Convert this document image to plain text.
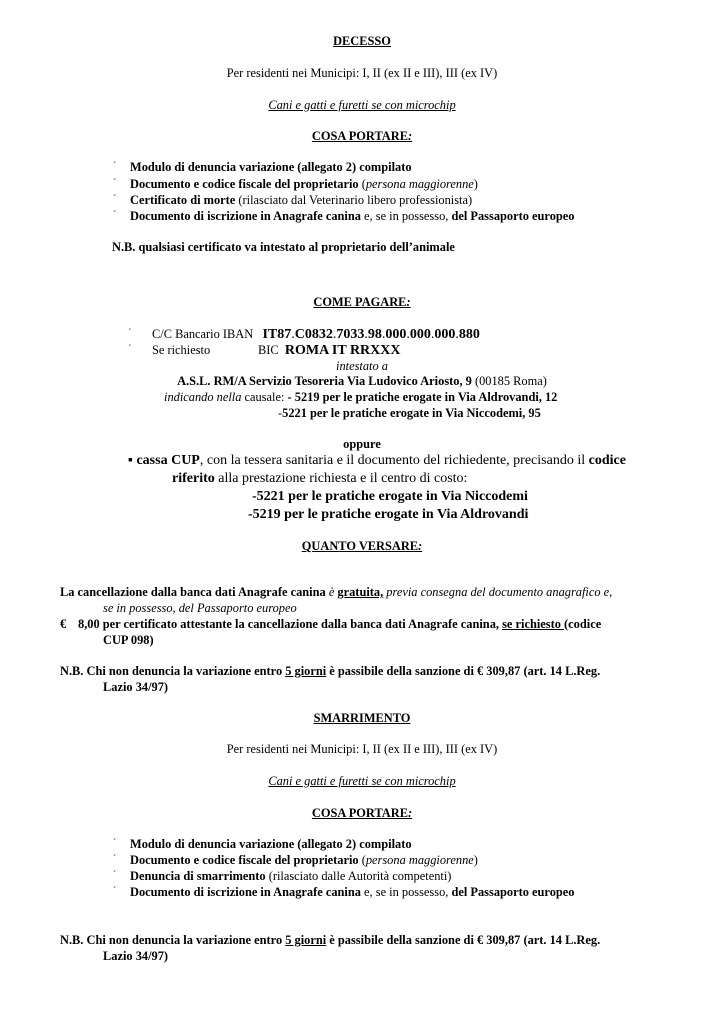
DECESSO
Per residenti nei Municipi: I, II (ex II e III), III (ex IV)
Cani e gatti e furetti se con microchip
COSA PORTARE:
´ Modulo di denuncia variazione (allegato 2) compilato
´ Documento e codice fiscale del proprietario (persona maggiorenne)
´ Certificato di morte (rilasciato dal Veterinario libero professionista)
´ Documento di iscrizione in Anagrafe canina e, se in possesso, del Passaporto europeo
N.B. qualsiasi certificato va intestato al proprietario dell’animale
COME PAGARE:
´ C/C Bancario IBAN IT87.C0832.7033.98.000.000.000.880
´ Se richiesto	BIC ROMA IT RRXXX
intestato a
A.S.L. RM/A Servizio Tesoreria Via Ludovico Ariosto, 9 (00185 Roma)
indicando nella causale: - 5219 per le pratiche erogate in Via Aldrovandi, 12
-5221 per le pratiche erogate in Via Niccodemi, 95
oppure
▪ cassa CUP, con la tessera sanitaria e il documento del richiedente, precisando il codice
riferito alla prestazione richiesta e il centro di costo:
-5221 per le pratiche erogate in Via Niccodemi
-5219 per le pratiche erogate in Via Aldrovandi
QUANTO VERSARE:
La cancellazione dalla banca dati Anagrafe canina è gratuita, previa consegna del documento anagrafico e,
se in possesso, del Passaporto europeo
€ 8,00 per certificato attestante la cancellazione dalla banca dati Anagrafe canina, se richiesto (codice
CUP 098)
N.B. Chi non denuncia la variazione entro 5 giorni è passibile della sanzione di € 309,87 (art. 14 L.Reg.
Lazio 34/97)
SMARRIMENTO
Per residenti nei Municipi: I, II (ex II e III), III (ex IV)
Cani e gatti e furetti se con microchip
COSA PORTARE:
´ Modulo di denuncia variazione (allegato 2) compilato
´ Documento e codice fiscale del proprietario (persona maggiorenne)
´ Denuncia di smarrimento (rilasciato dalle Autorità competenti)
´ Documento di iscrizione in Anagrafe canina e, se in possesso, del Passaporto europeo
N.B. Chi non denuncia la variazione entro 5 giorni è passibile della sanzione di € 309,87 (art. 14 L.Reg.
Lazio 34/97)
